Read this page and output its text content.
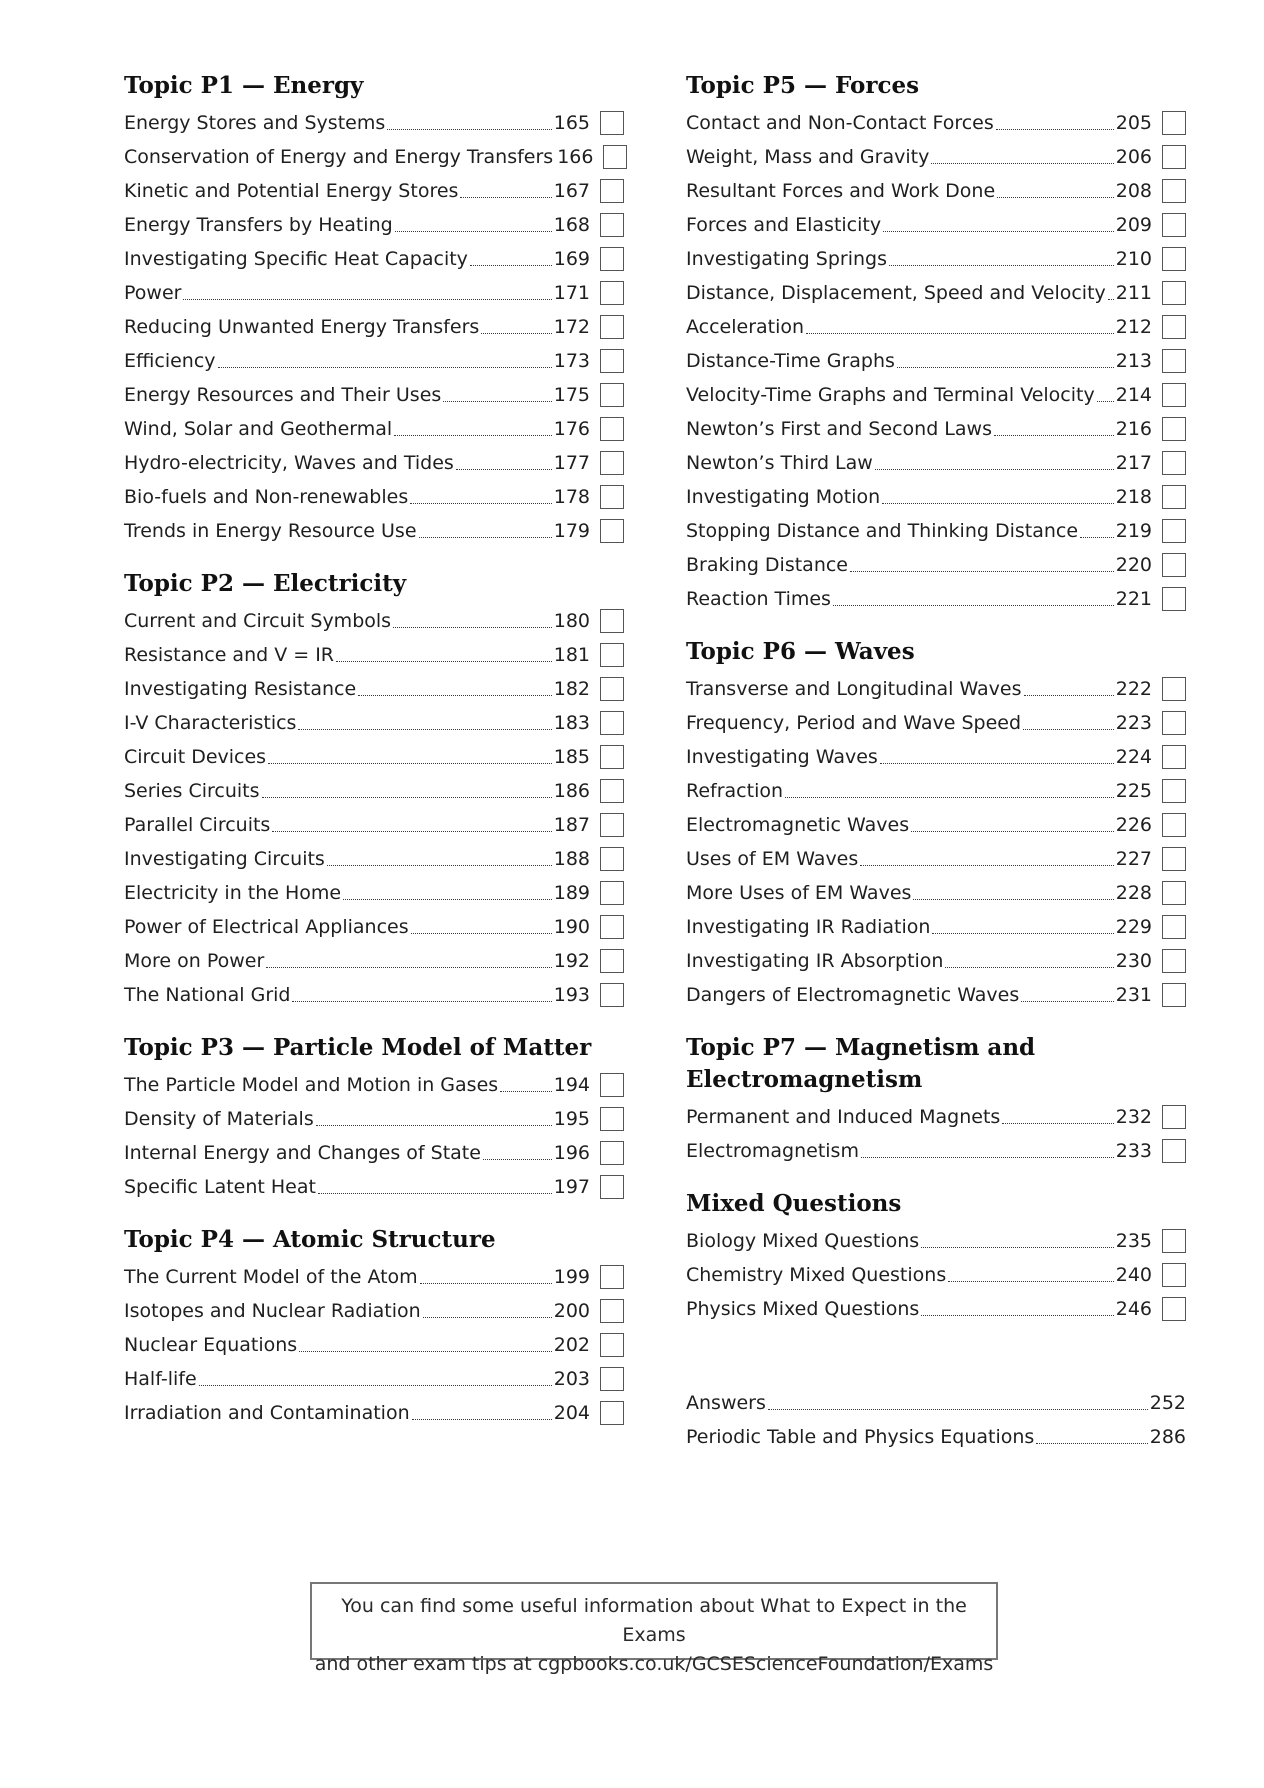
Topic P1 — Energy
Energy Stores and Systems	165
Conservation of Energy and Energy Transfers 166
Kinetic and Potential Energy Stores	167
Energy Transfers by Heating	168
Investigating Specific Heat Capacity	169
Power	171
Reducing Unwanted Energy Transfers	172
Efficiency	173
Energy Resources and Their Uses	175
Wind, Solar and Geothermal	176
Hydro-electricity, Waves and Tides	177
Bio-fuels and Non-renewables	178
Trends in Energy Resource Use	179
Topic P2 — Electricity
Current and Circuit Symbols	180
Resistance and V = IR	181
Investigating Resistance	182
I-V Characteristics	183
Circuit Devices	185
Series Circuits	186
Parallel Circuits	187
Investigating Circuits	188
Electricity in the Home	189
Power of Electrical Appliances	190
More on Power	192
The National Grid	193
Topic P3 — Particle Model of Matter
The Particle Model and Motion in Gases	194
Density of Materials	195
Internal Energy and Changes of State	196
Specific Latent Heat	197
Topic P4 — Atomic Structure
The Current Model of the Atom	199
Isotopes and Nuclear Radiation	200
Nuclear Equations	202
Half-life	203
Irradiation and Contamination	204
Topic P5 — Forces
Contact and Non-Contact Forces	205
Weight, Mass and Gravity	206
Resultant Forces and Work Done	208
Forces and Elasticity	209
Investigating Springs	210
Distance, Displacement, Speed and Velocity 211
Acceleration	212
Distance-Time Graphs	213
Velocity-Time Graphs and Terminal Velocity 214
Newton’s First and Second Laws	216
Newton’s Third Law	217
Investigating Motion	218
Stopping Distance and Thinking Distance 219
Braking Distance	220
Reaction Times	221
Topic P6 — Waves
Transverse and Longitudinal Waves	222
Frequency, Period and Wave Speed	223
Investigating Waves	224
Refraction	225
Electromagnetic Waves	226
Uses of EM Waves	227
More Uses of EM Waves	228
Investigating IR Radiation	229
Investigating IR Absorption	230
Dangers of Electromagnetic Waves	231
Topic P7 — Magnetism and Electromagnetism
Permanent and Induced Magnets	232
Electromagnetism	233
Mixed Questions
Biology Mixed Questions	235
Chemistry Mixed Questions	240
Physics Mixed Questions	246
Answers	252
Periodic Table and Physics Equations	286
You can find some useful information about What to Expect in the Exams
and other exam tips at cgpbooks.co.uk/GCSEScienceFoundation/Exams
